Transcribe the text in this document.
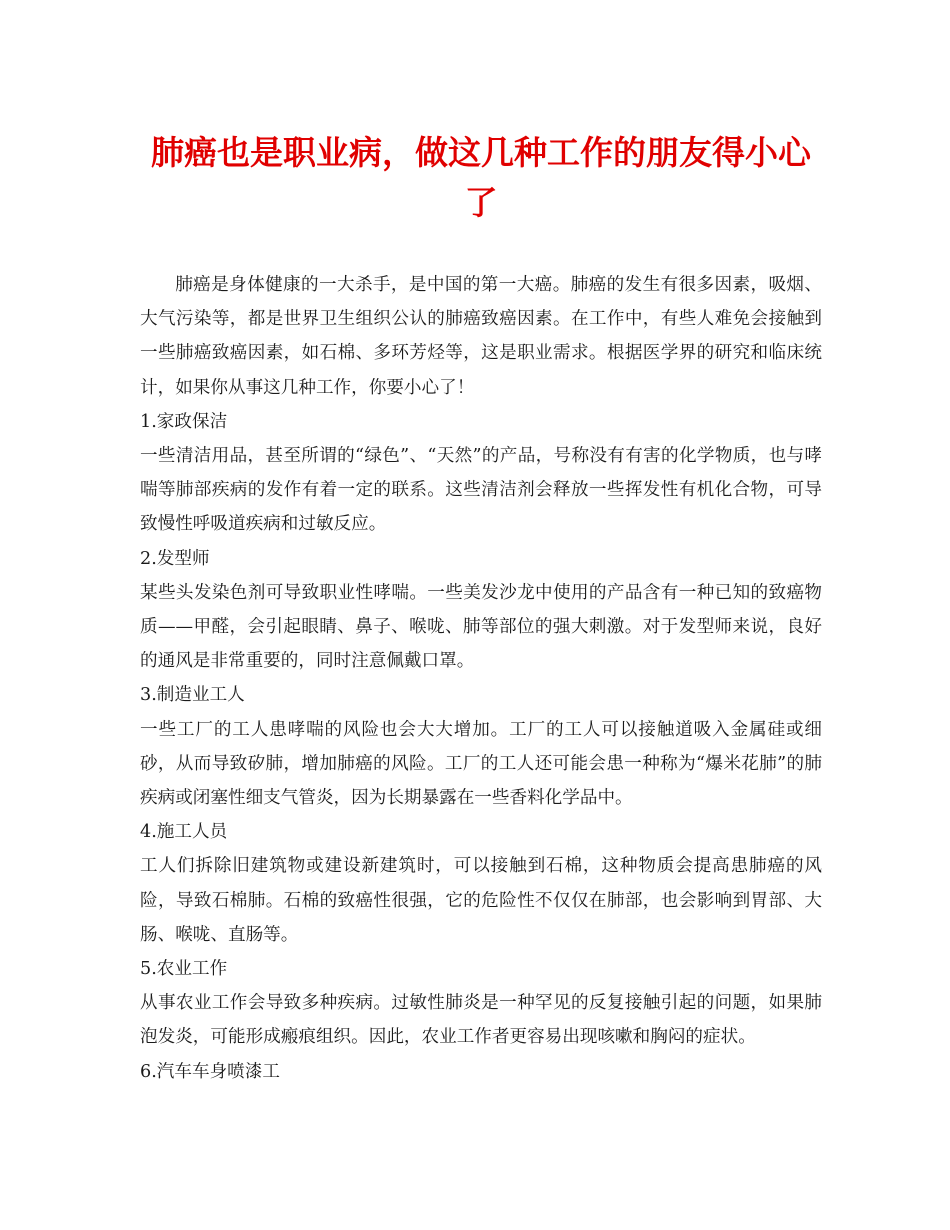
肺癌也是职业病，做这几种工作的朋友得小心了

肺癌是身体健康的一大杀手，是中国的第一大癌。肺癌的发生有很多因素，吸烟、大气污染等，都是世界卫生组织公认的肺癌致癌因素。在工作中，有些人难免会接触到一些肺癌致癌因素，如石棉、多环芳烃等，这是职业需求。根据医学界的研究和临床统计，如果你从事这几种工作，你要小心了！

1.家政保洁

一些清洁用品，甚至所谓的“绿色”、“天然”的产品，号称没有有害的化学物质，也与哮喘等肺部疾病的发作有着一定的联系。这些清洁剂会释放一些挥发性有机化合物，可导致慢性呼吸道疾病和过敏反应。

2.发型师

某些头发染色剂可导致职业性哮喘。一些美发沙龙中使用的产品含有一种已知的致癌物质——甲醛，会引起眼睛、鼻子、喉咙、肺等部位的强大刺激。对于发型师来说，良好的通风是非常重要的，同时注意佩戴口罩。

3.制造业工人

一些工厂的工人患哮喘的风险也会大大增加。工厂的工人可以接触道吸入金属硅或细砂，从而导致矽肺，增加肺癌的风险。工厂的工人还可能会患一种称为“爆米花肺”的肺疾病或闭塞性细支气管炎，因为长期暴露在一些香料化学品中。

4.施工人员

工人们拆除旧建筑物或建设新建筑时，可以接触到石棉，这种物质会提高患肺癌的风险，导致石棉肺。石棉的致癌性很强，它的危险性不仅仅在肺部，也会影响到胃部、大肠、喉咙、直肠等。

5.农业工作

从事农业工作会导致多种疾病。过敏性肺炎是一种罕见的反复接触引起的问题，如果肺泡发炎，可能形成瘢痕组织。因此，农业工作者更容易出现咳嗽和胸闷的症状。

6.汽车车身喷漆工
